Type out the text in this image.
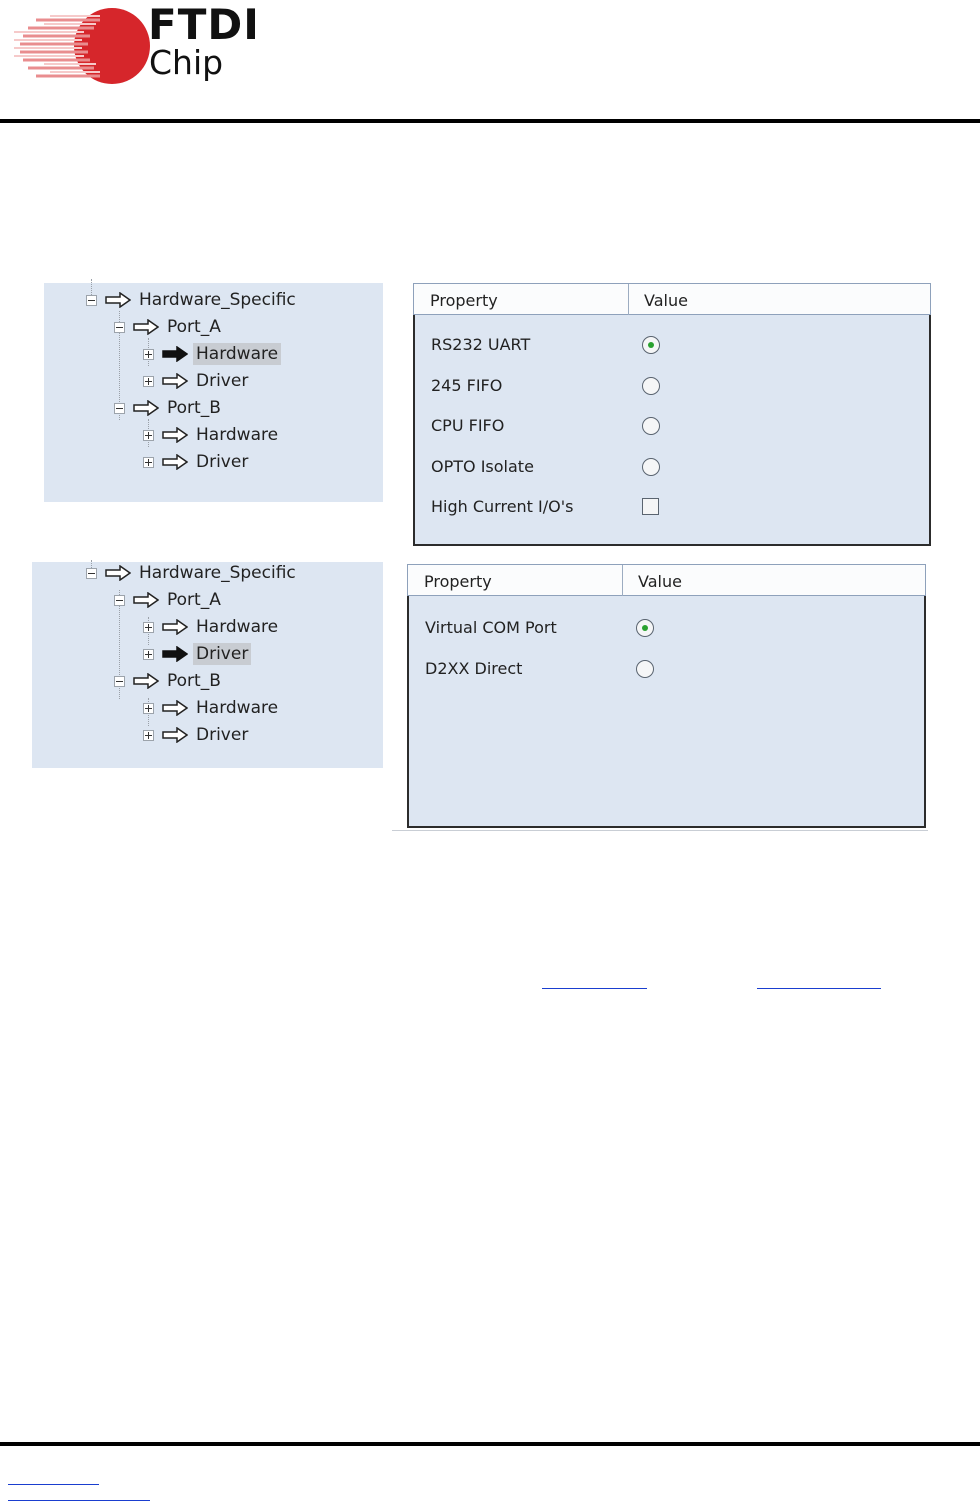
FTDI
Chip
Hardware_Specific
Port_A
Hardware
Driver
Port_B
Hardware
Driver
Property	Value
RS232 UART
245 FIFO
CPU FIFO
OPTO Isolate
High Current I/O's
Hardware_Specific
Port_A
Hardware
Driver
Port_B
Hardware
Driver
Property	Value
Virtual COM Port
D2XX Direct
